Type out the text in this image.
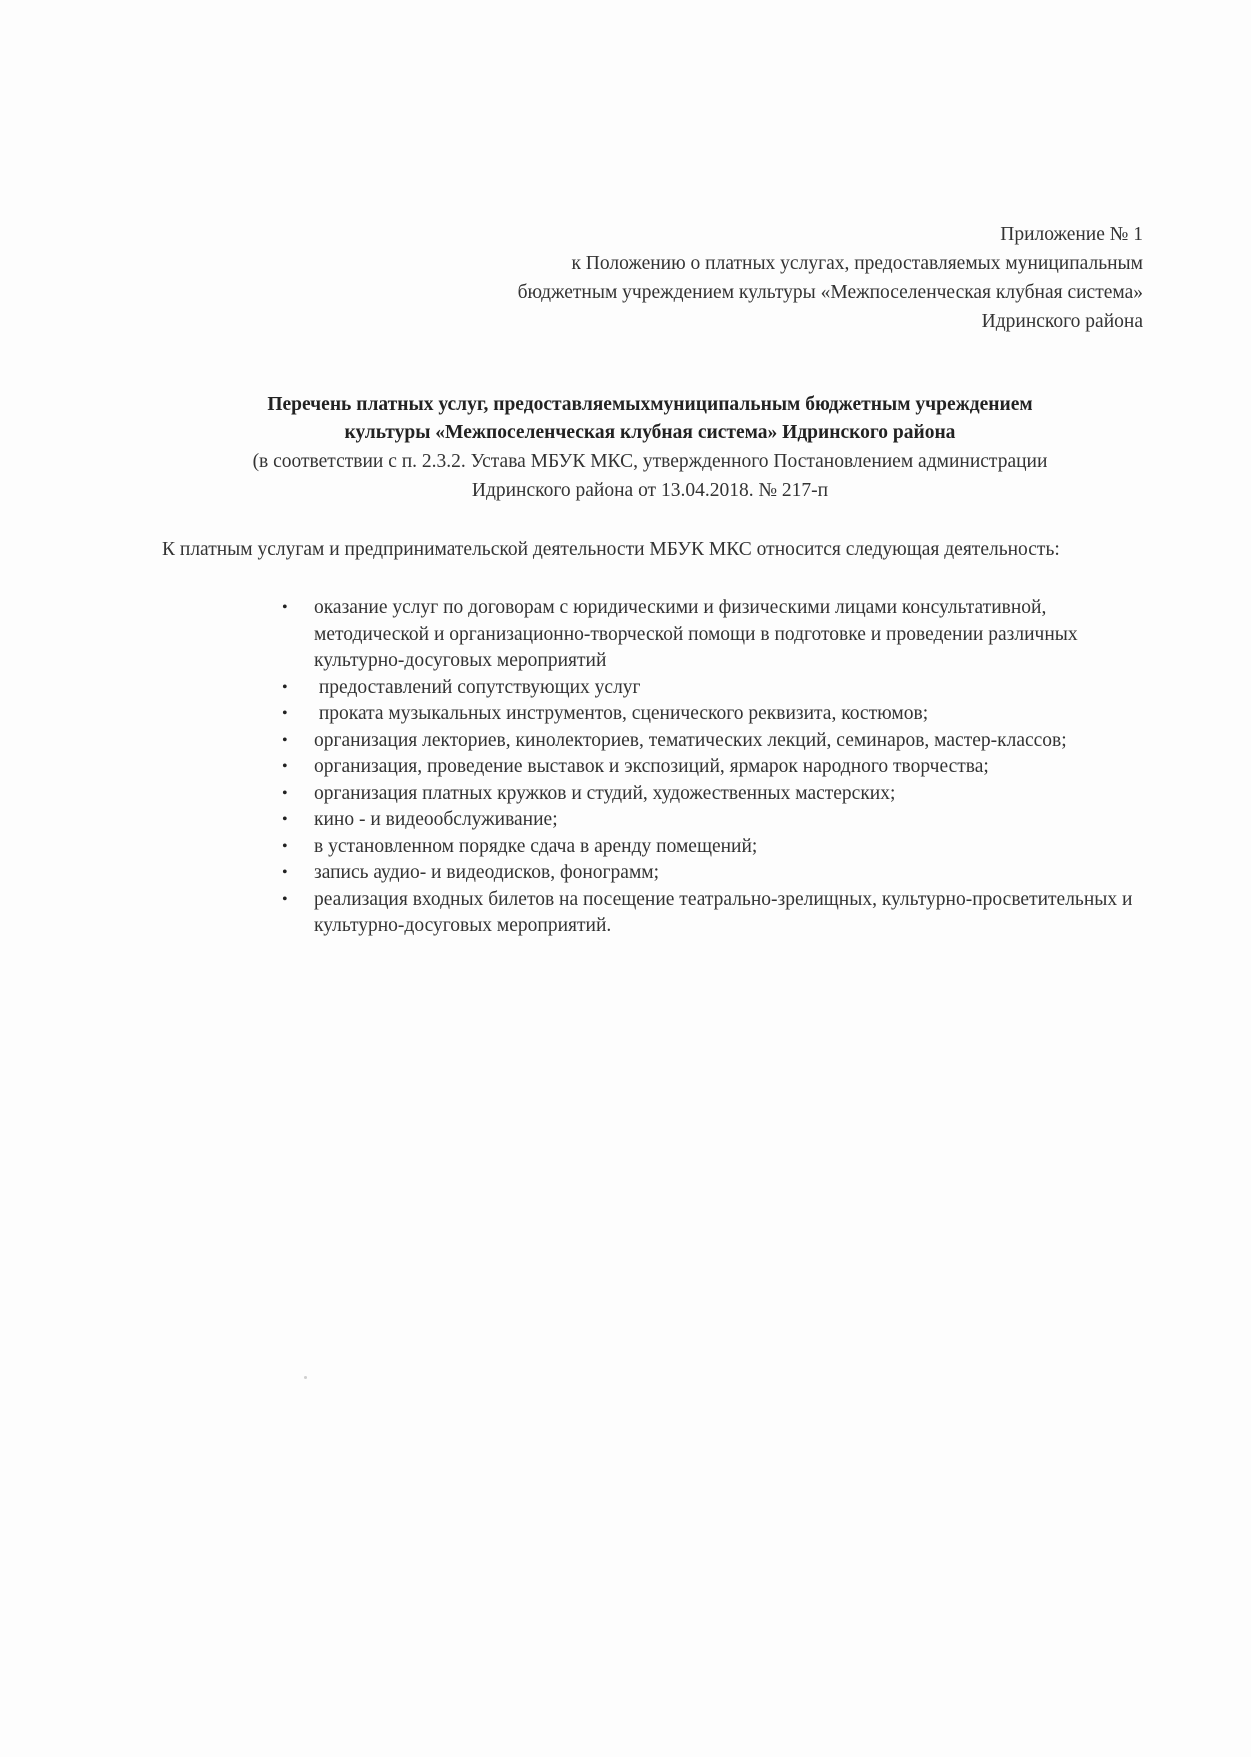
Приложение № 1
к Положению о платных услугах, предоставляемых муниципальным
бюджетным учреждением культуры «Межпоселенческая клубная система»
Идринского района
Перечень платных услуг, предоставляемыхмуниципальным бюджетным учреждением
культуры «Межпоселенческая клубная система» Идринского района
(в соответствии с п. 2.3.2. Устава МБУК МКС, утвержденного Постановлением администрации
Идринского района от 13.04.2018. № 217-п
К платным услугам и предпринимательской деятельности МБУК МКС относится следующая деятельность:
• оказание услуг по договорам с юридическими и физическими лицами консультативной, методической и организационно-творческой помощи в подготовке и проведении различных культурно-досуговых мероприятий
• предоставлений сопутствующих услуг
• проката музыкальных инструментов, сценического реквизита, костюмов;
• организация лекториев, кинолекториев, тематических лекций, семинаров, мастер-классов;
• организация, проведение выставок и экспозиций, ярмарок народного творчества;
• организация платных кружков и студий, художественных мастерских;
• кино - и видеообслуживание;
• в установленном порядке сдача в аренду помещений;
• запись аудио- и видеодисков, фонограмм;
• реализация входных билетов на посещение театрально-зрелищных, культурно-просветительных и культурно-досуговых мероприятий.
